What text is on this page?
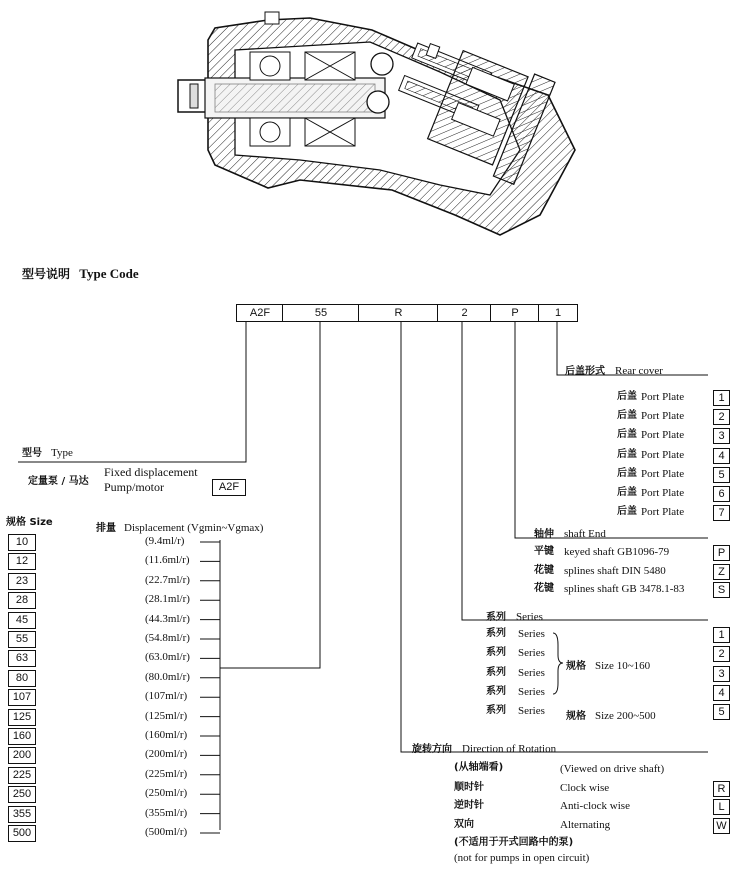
型号说明 Type Code
A2F	55	R	2	P	1
型号 Type
定量泵 / 马达
Fixed displacement
Pump/motor	A2F
规格 Size
排量 Displacement (Vgmin~Vgmax)
10	(9.4ml/r)
12	(11.6ml/r)
23	(22.7ml/r)
28	(28.1ml/r)
45	(44.3ml/r)
55	(54.8ml/r)
63	(63.0ml/r)
80	(80.0ml/r)
107	(107ml/r)
125	(125ml/r)
160	(160ml/r)
200	(200ml/r)
225	(225ml/r)
250	(250ml/r)
355	(355ml/r)
500	(500ml/r)
后盖形式 Rear cover
后盖 Port Plate	1
后盖 Port Plate	2
后盖 Port Plate	3
后盖 Port Plate	4
后盖 Port Plate	5
后盖 Port Plate	6
后盖 Port Plate	7
轴伸 shaft End
平键 keyed shaft GB1096-79	P
花键 splines shaft DIN 5480	Z
花键 splines shaft GB 3478.1-83	S
系列 Series
系列 Series	1
系列 Series	2
系列 Series	3
系列 Series	4
系列 Series	5
规格 Size 10~160
规格 Size 200~500
旋转方向 Direction of Rotation
(从轴端看)	(Viewed on drive shaft)
顺时针	Clock wise	R
逆时针	Anti-clock wise	L
双向	Alternating	W
(不适用于开式回路中的泵)
(not for pumps in open circuit)
